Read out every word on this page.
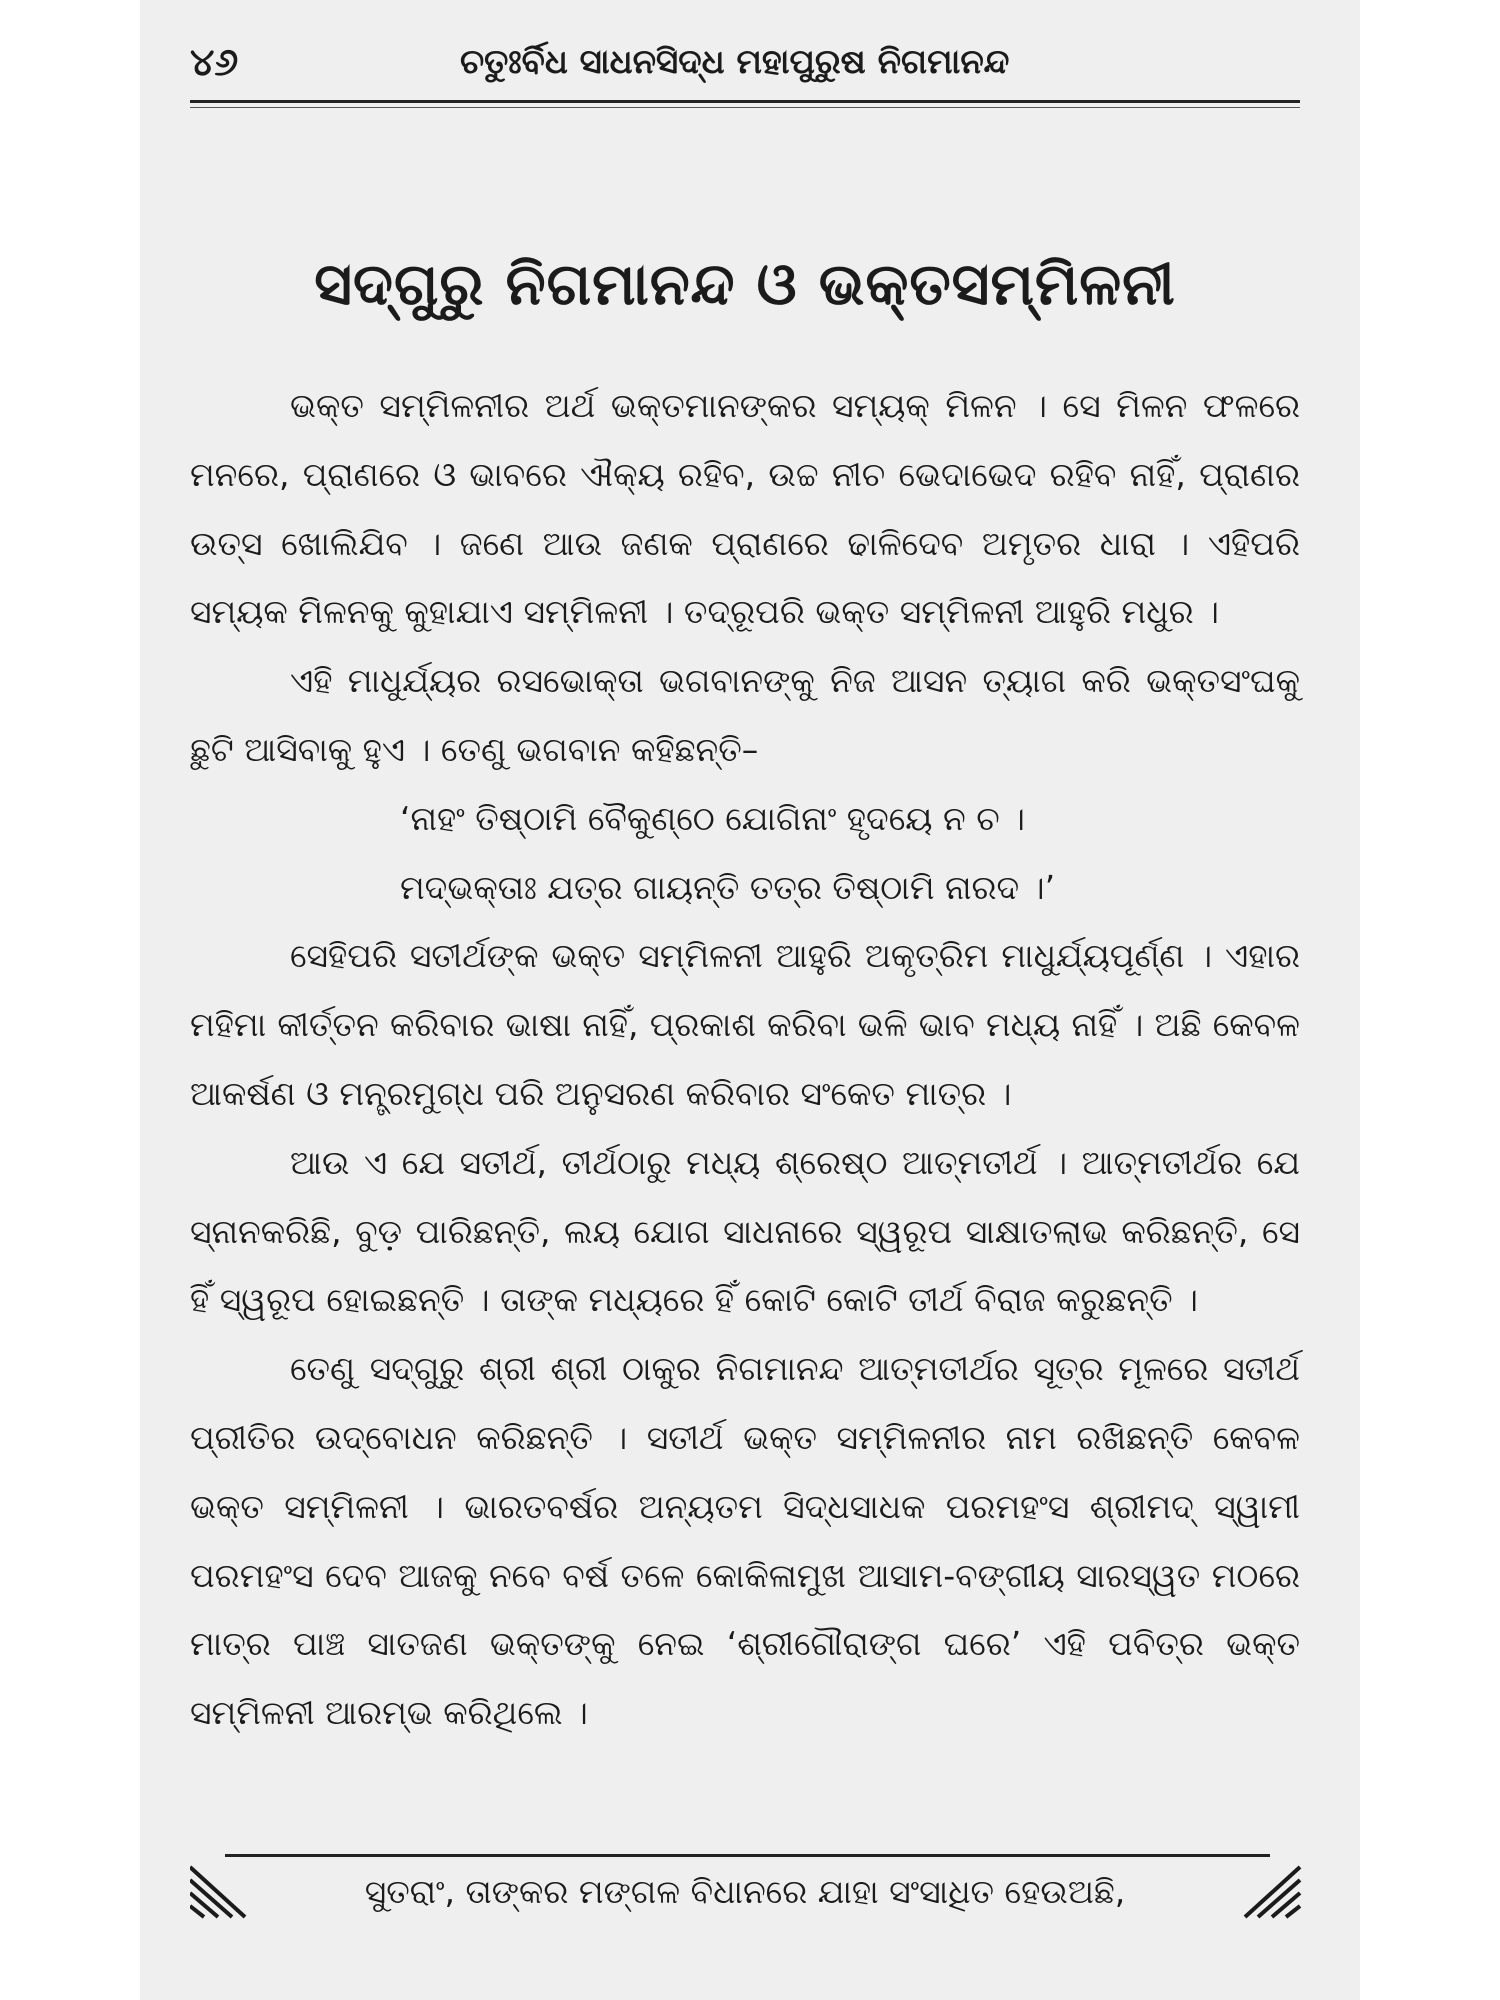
୪୬	ଚତୁଃର୍ବିଧ ସାଧନସିଦ୍ଧ ମହାପୁରୁଷ ନିଗମାନନ୍ଦ
ସଦ୍‌ଗୁରୁ ନିଗମାନନ୍ଦ ଓ ଭକ୍ତସମ୍ମିଳନୀ

ଭକ୍ତ ସମ୍ମିଳନୀର ଅର୍ଥ ଭକ୍ତମାନଙ୍କର ସମ୍ୟକ୍ ମିଳନ । ସେ ମିଳନ ଫଳରେ ମନରେ, ପ୍ରାଣରେ ଓ ଭାବରେ ଐକ୍ୟ ରହିବ, ଉଚ୍ଚ ନୀଚ ଭେଦାଭେଦ ରହିବ ନାହିଁ, ପ୍ରାଣର ଉତ୍ସ ଖୋଲିଯିବ । ଜଣେ ଆଉ ଜଣକ ପ୍ରାଣରେ ଢାଳିଦେବ ଅମୃତର ଧାରା । ଏହିପରି ସମ୍ୟକ ମିଳନକୁ କୁହାଯାଏ ସମ୍ମିଳନୀ । ତଦ୍ରୂପରି ଭକ୍ତ ସମ୍ମିଳନୀ ଆହୁରି ମଧୁର ।

ଏହି ମାଧୁର୍ଯ୍ୟର ରସଭୋକ୍ତା ଭଗବାନଙ୍କୁ ନିଜ ଆସନ ତ୍ୟାଗ କରି ଭକ୍ତସଂଘକୁ ଛୁଟି ଆସିବାକୁ ହୁଏ । ତେଣୁ ଭଗବାନ କହିଛନ୍ତି–

‘ନାହଂ ତିଷ୍ଠାମି ବୈକୁଣ୍ଠେ ଯୋଗିନାଂ ହୃଦୟେ ନ ଚ ।

ମଦ୍‌ଭକ୍ତାଃ ଯତ୍ର ଗାୟନ୍ତି ତତ୍ର ତିଷ୍ଠାମି ନାରଦ ।’

ସେହିପରି ସତୀର୍ଥଙ୍କ ଭକ୍ତ ସମ୍ମିଳନୀ ଆହୁରି ଅକୃତ୍ରିମ ମାଧୁର୍ଯ୍ୟପୂର୍ଣ୍ଣ । ଏହାର ମହିମା କୀର୍ତ୍ତନ କରିବାର ଭାଷା ନାହିଁ, ପ୍ରକାଶ କରିବା ଭଳି ଭାବ ମଧ୍ୟ ନାହିଁ । ଅଛି କେବଳ ଆକର୍ଷଣ ଓ ମନ୍ତ୍ରମୁଗ୍ଧ ପରି ଅନୁସରଣ କରିବାର ସଂକେତ ମାତ୍ର ।

ଆଉ ଏ ଯେ ସତୀର୍ଥ, ତୀର୍ଥଠାରୁ ମଧ୍ୟ ଶ୍ରେଷ୍ଠ ଆତ୍ମତୀର୍ଥ । ଆତ୍ମତୀର୍ଥର ଯେ ସ୍ନାନକରିଛି, ବୁଡ଼ ପାରିଛନ୍ତି, ଲୟ ଯୋଗ ସାଧନାରେ ସ୍ୱରୂପ ସାକ୍ଷାତଲାଭ କରିଛନ୍ତି, ସେ ହିଁ ସ୍ୱରୂପ ହୋଇଛନ୍ତି । ତାଙ୍କ ମଧ୍ୟରେ ହିଁ କୋଟି କୋଟି ତୀର୍ଥ ବିରାଜ କରୁଛନ୍ତି ।

ତେଣୁ ସଦ୍‌ଗୁରୁ ଶ୍ରୀ ଶ୍ରୀ ଠାକୁର ନିଗମାନନ୍ଦ ଆତ୍ମତୀର୍ଥର ସୂତ୍ର ମୂଳରେ ସତୀର୍ଥ ପ୍ରୀତିର ଉଦ୍‌ବୋଧନ କରିଛନ୍ତି । ସତୀର୍ଥ ଭକ୍ତ ସମ୍ମିଳନୀର ନାମ ରଖିଛନ୍ତି କେବଳ ଭକ୍ତ ସମ୍ମିଳନୀ । ଭାରତବର୍ଷର ଅନ୍ୟତମ ସିଦ୍ଧସାଧକ ପରମହଂସ ଶ୍ରୀମଦ୍ ସ୍ୱାମୀ ପରମହଂସ ଦେବ ଆଜକୁ ନବେ ବର୍ଷ ତଳେ କୋକିଳାମୁଖ ଆସାମ-ବଙ୍ଗୀୟ ସାରସ୍ୱତ ମଠରେ ମାତ୍ର ପାଞ୍ଚ ସାତଜଣ ଭକ୍ତଙ୍କୁ ନେଇ ‘ଶ୍ରୀଗୌରାଙ୍ଗ ଘରେ’ ଏହି ପବିତ୍ର ଭକ୍ତ ସମ୍ମିଳନୀ ଆରମ୍ଭ କରିଥିଲେ ।

ସୁତରାଂ, ତାଙ୍କର ମଙ୍ଗଳ ବିଧାନରେ ଯାହା ସଂସାଧିତ ହେଉଅଛି,
